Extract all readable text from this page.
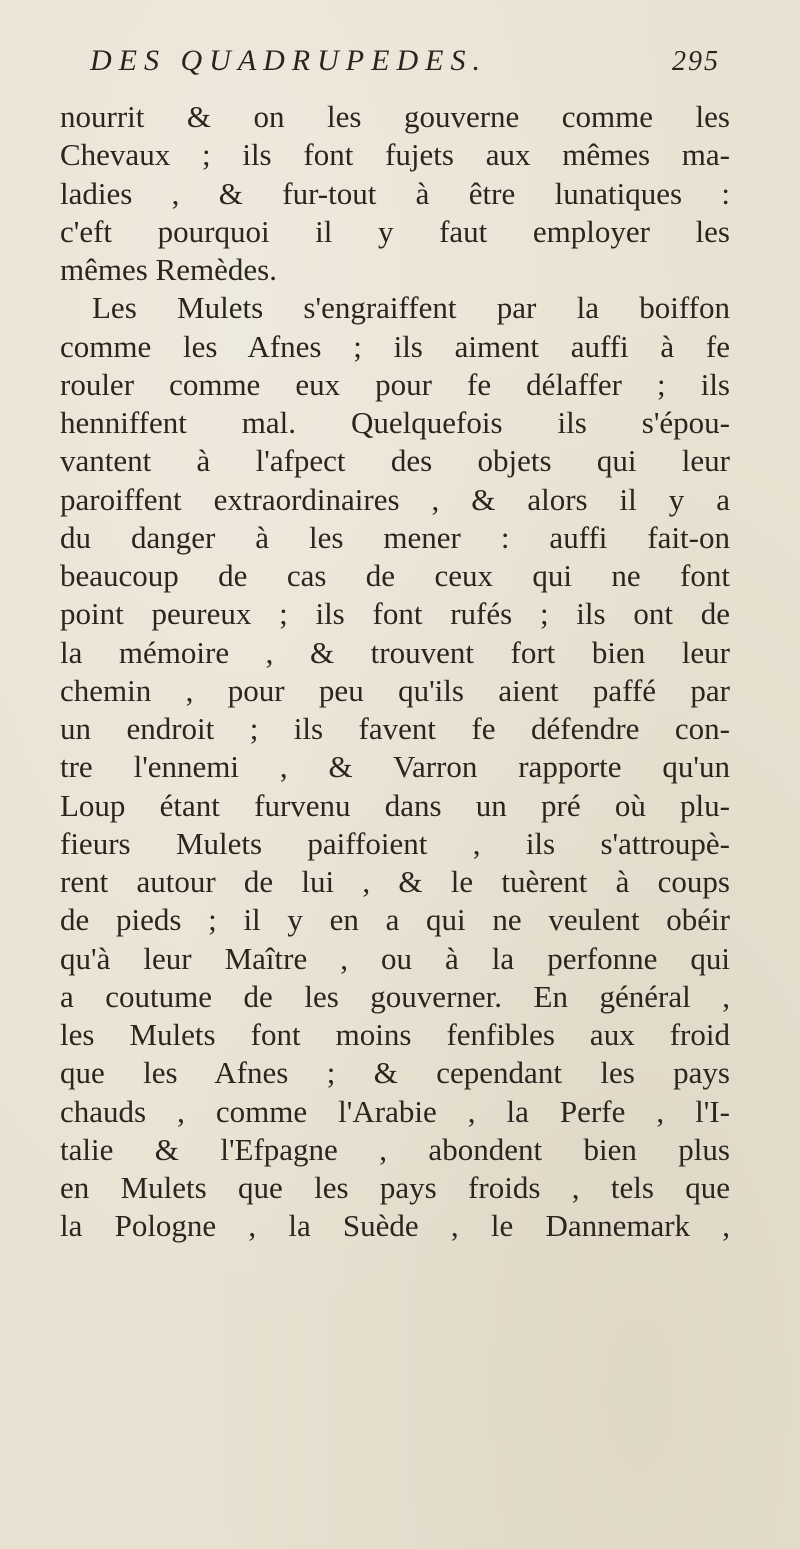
DES QUADRUPEDES.	295
nourrit & on les gouverne comme les
Chevaux ; ils font fujets aux mêmes ma-
ladies , & fur-tout à être lunatiques :
c'eft pourquoi il y faut employer les
mêmes Remèdes.
Les Mulets s'engraiffent par la boiffon
comme les Afnes ; ils aiment auffi à fe
rouler comme eux pour fe délaffer ; ils
henniffent mal. Quelquefois ils s'épou-
vantent à l'afpect des objets qui leur
paroiffent extraordinaires , & alors il y a
du danger à les mener : auffi fait-on
beaucoup de cas de ceux qui ne font
point peureux ; ils font rufés ; ils ont de
la mémoire , & trouvent fort bien leur
chemin , pour peu qu'ils aient paffé par
un endroit ; ils favent fe défendre con-
tre l'ennemi , & Varron rapporte qu'un
Loup étant furvenu dans un pré où plu-
fieurs Mulets paiffoient , ils s'attroupè-
rent autour de lui , & le tuèrent à coups
de pieds ; il y en a qui ne veulent obéir
qu'à leur Maître , ou à la perfonne qui
a coutume de les gouverner. En général ,
les Mulets font moins fenfibles aux froid
que les Afnes ; & cependant les pays
chauds , comme l'Arabie , la Perfe , l'I-
talie & l'Efpagne , abondent bien plus
en Mulets que les pays froids , tels que
la Pologne , la Suède , le Dannemark ,
